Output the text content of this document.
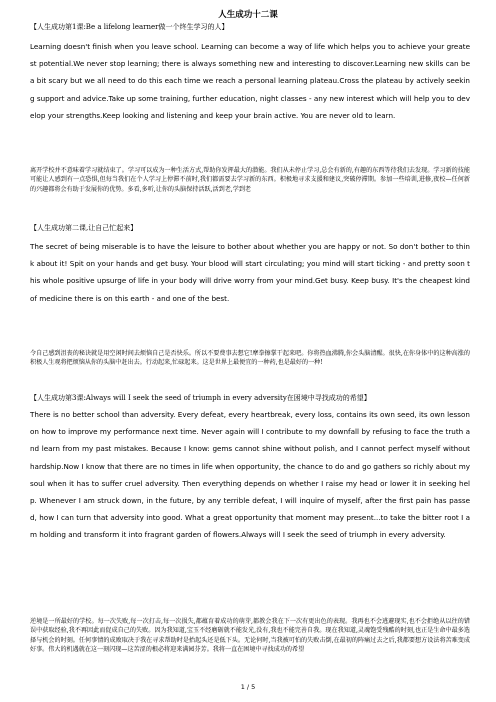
人生成功十二课
【人生成功第1课:Be a lifelong learner做一个终生学习的人】
Learning doesn't finish when you leave school. Learning can become a way of life which helps you to achieve your greatest potential.We never stop learning; there is always something new and interesting to discover.Learning new skills can be a bit scary but we all need to do this each time we reach a personal learning plateau.Cross the plateau by actively seeking support and advice.Take up some training, further education, night classes - any new interest which will help you to develop your strengths.Keep looking and listening and keep your brain active. You are never old to learn.
离开学校并不意味着学习就结束了。学习可以成为一种生活方式,帮助你发挥最大的潜能。我们从未停止学习,总会有新的,有趣的东西等待我们去发现。学习新的技能可能让人感到有一点恐惧,但每当我们在个人学习上停滞不前时,我们都需要去学习新的东西。积极地寻求支援和建议,突破停滞期。参加一些培训,进修,夜校—任何新的兴趣都将会有助于发展你的优势。多看,多听,让你的头脑保持活跃,活到老,学到老
【人生成功第二课,让自己忙起来】
The secret of being miserable is to have the leisure to bother about whether you are happy or not. So don't bother to think about it! Spit on your hands and get busy. Your blood will start circulating; you mind will start ticking - and pretty soon this whole positive upsurge of life in your body will drive worry from your mind.Get busy. Keep busy. It's the cheapest kind of medicine there is on this earth - and one of the best.
令自己感到沮丧的秘诀就是用空闲时间去烦恼自己是否快乐。所以不要费事去想它!摩拳擦掌干起来吧。你将热血沸腾,你会头脑清醒。很快,在你身体中的这种高涨的积极人生观将把烦恼从你的头脑中赶出去。行动起来,忙碌起来。这是世界上最便宜的一种药,也是最好的一种!
【人生成功第3课:Always will I seek the seed of triumph in every adversity在困境中寻找成功的希望】
There is no better school than adversity. Every defeat, every heartbreak, every loss, contains its own seed, its own lesson on how to improve my performance next time. Never again will I contribute to my downfall by refusing to face the truth and learn from my past mistakes. Because I know: gems cannot shine without polish, and I cannot perfect myself without hardship.Now I know that there are no times in life when opportunity, the chance to do and go gathers so richly about my soul when it has to suffer cruel adversity. Then everything depends on whether I raise my head or lower it in seeking help. Whenever I am struck down, in the future, by any terrible defeat, I will inquire of myself, after the first pain has passed, how I can turn that adversity into good. What a great opportunity that moment may present...to take the bitter root I am holding and transform it into fragrant garden of flowers.Always will I seek the seed of triumph in every adversity.
逆境是一所最好的学校。每一次失败,每一次打击,每一次损失,都蕴育着成功的萌芽,都教会我在下一次有更出色的表现。我再也不会逃避现实,也不会拒绝从以往的错误中获取经验,我不再因此而促成自己的失败。因为我知道,宝玉不经磨砺就不能发光,没有,我也不能完善自我。现在我知道,灵魂饱受残酷的时刻,也正是生命中最多选择与机会的时刻。任何事情的成败取决于我在寻求帮助时是抬起头还是低下头。无论何时,当我被可怕的失败击倒,在最初的阵痛过去之后,我都要想方设法将苦难变成好事。伟大的机遇就在这一刻闪现—这苦涩的根必将迎来满园芬芳。我将一直在困境中寻找成功的希望
1 / 5
